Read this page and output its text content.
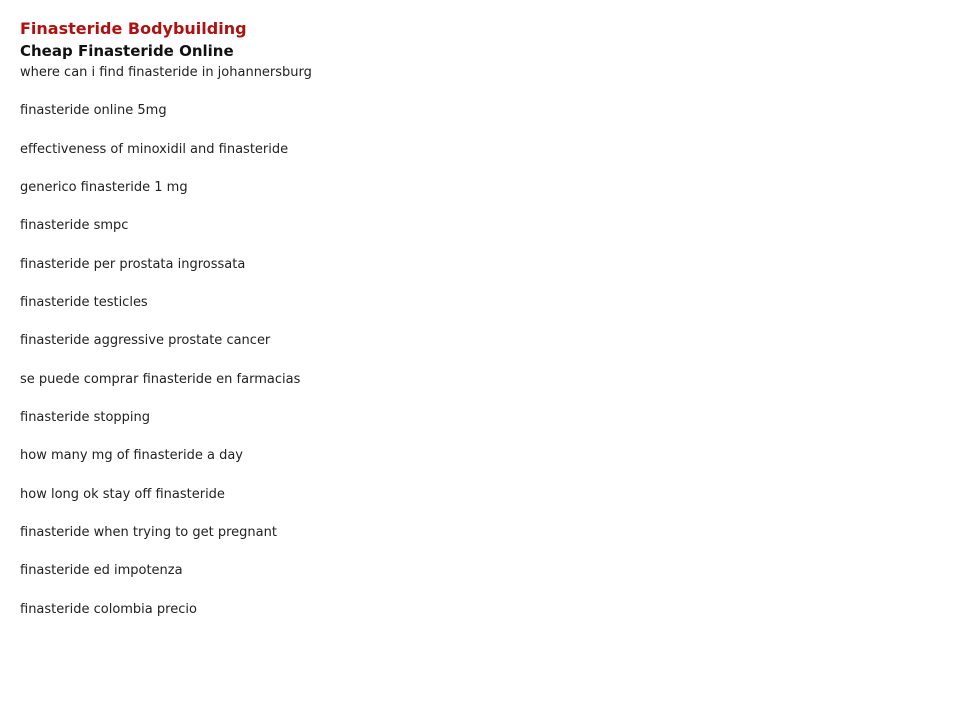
Finasteride Bodybuilding
Cheap Finasteride Online
where can i find finasteride in johannersburg
finasteride online 5mg
effectiveness of minoxidil and finasteride
generico finasteride 1 mg
finasteride smpc
finasteride per prostata ingrossata
finasteride testicles
finasteride aggressive prostate cancer
se puede comprar finasteride en farmacias
finasteride stopping
how many mg of finasteride a day
how long ok stay off finasteride
finasteride when trying to get pregnant
finasteride ed impotenza
finasteride colombia precio
